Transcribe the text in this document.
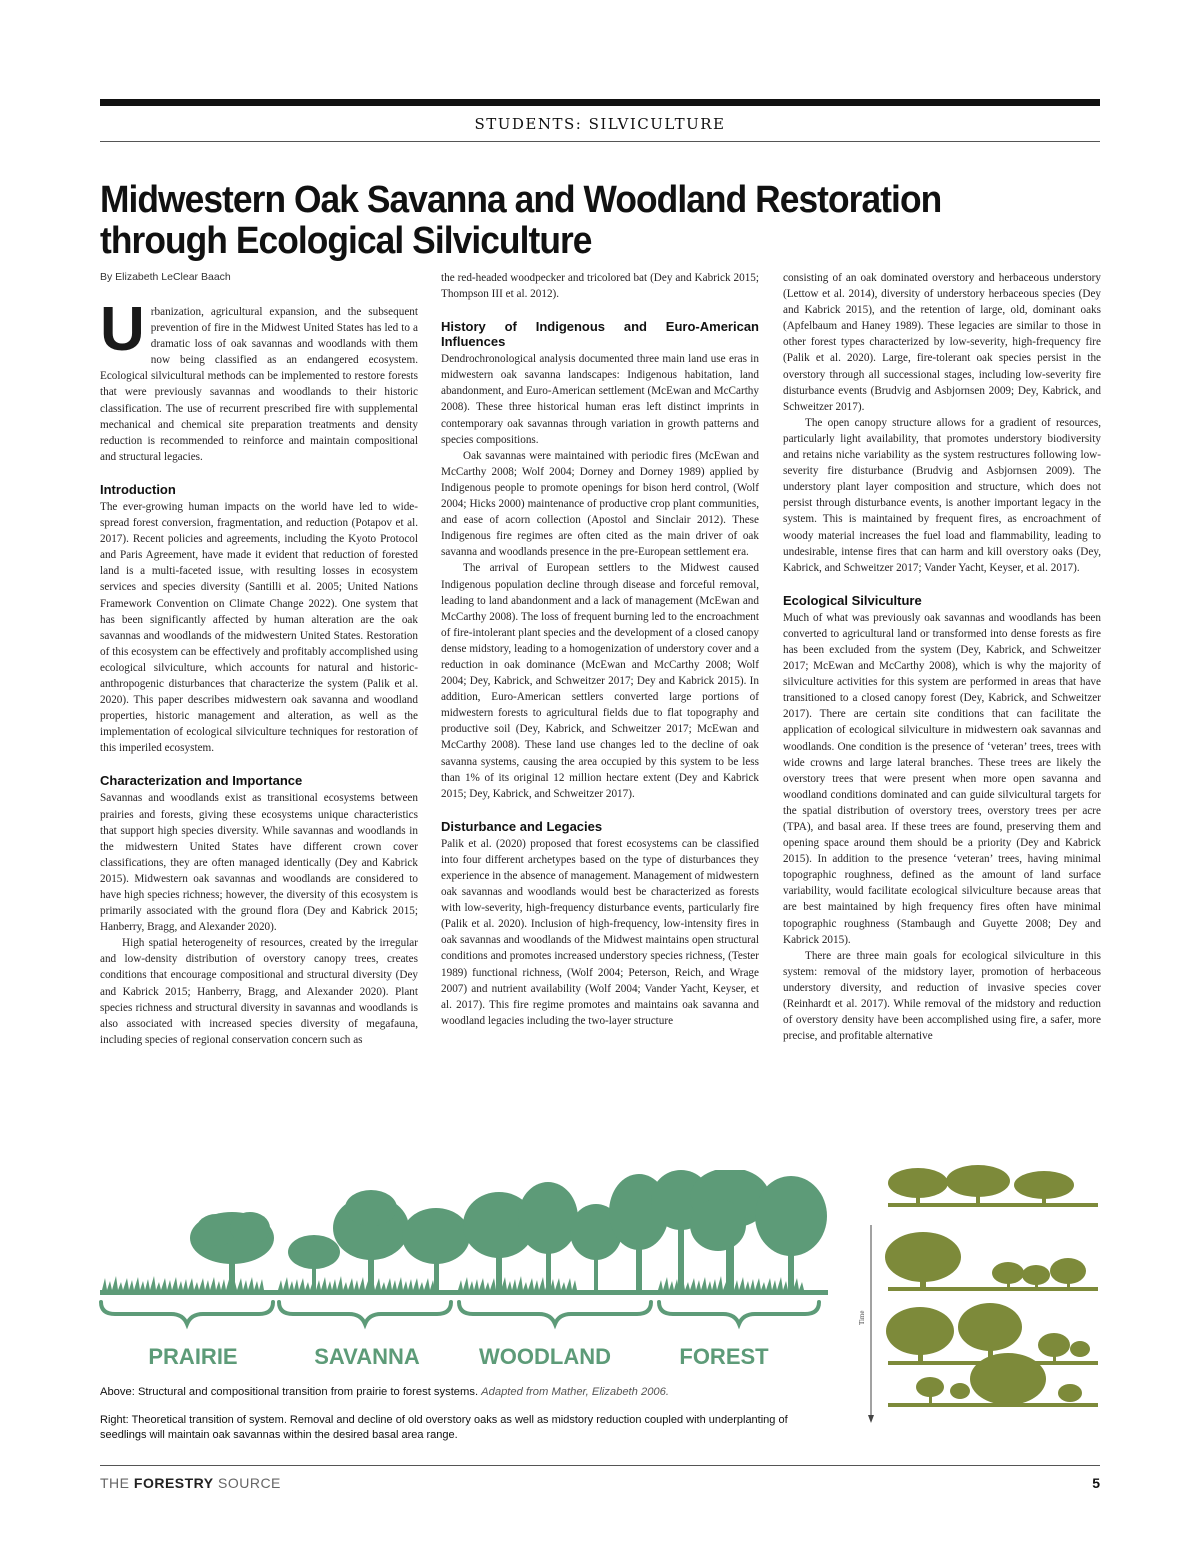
STUDENTS: SILVICULTURE
Midwestern Oak Savanna and Woodland Restoration through Ecological Silviculture
By Elizabeth LeClear Baach

Urbanization, agricultural expansion, and the subsequent prevention of fire in the Midwest United States has led to a dramatic loss of oak savannas and woodlands with them now being classified as an endangered ecosystem. Ecological silvicultural methods can be implemented to restore forests that were previously savannas and woodlands to their historic classification. The use of recurrent prescribed fire with supplemental mechanical and chemical site preparation treatments and density reduction is recommended to reinforce and maintain compositional and structural legacies.

Introduction

The ever-growing human impacts on the world have led to wide-spread forest conversion, fragmentation, and reduction (Potapov et al. 2017). Recent policies and agreements, including the Kyoto Protocol and Paris Agreement, have made it evident that reduction of forested land is a multi-faceted issue, with resulting losses in ecosystem services and species diversity (Santilli et al. 2005; United Nations Framework Convention on Climate Change 2022). One system that has been significantly affected by human alteration are the oak savannas and woodlands of the midwestern United States. Restoration of this ecosystem can be effectively and profitably accomplished using ecological silviculture, which accounts for natural and historic-anthropogenic disturbances that characterize the system (Palik et al. 2020). This paper describes midwestern oak savanna and woodland properties, historic management and alteration, as well as the implementation of ecological silviculture techniques for restoration of this imperiled ecosystem.

Characterization and Importance

Savannas and woodlands exist as transitional ecosystems between prairies and forests, giving these ecosystems unique characteristics that support high species diversity. While savannas and woodlands in the midwestern United States have different crown cover classifications, they are often managed identically (Dey and Kabrick 2015). Midwestern oak savannas and woodlands are considered to have high species richness; however, the diversity of this ecosystem is primarily associated with the ground flora (Dey and Kabrick 2015; Hanberry, Bragg, and Alexander 2020).

High spatial heterogeneity of resources, created by the irregular and low-density distribution of overstory canopy trees, creates conditions that encourage compositional and structural diversity (Dey and Kabrick 2015; Hanberry, Bragg, and Alexander 2020). Plant species richness and structural diversity in savannas and woodlands is also associated with increased species diversity of megafauna, including species of regional conservation concern such as

the red-headed woodpecker and tricolored bat (Dey and Kabrick 2015; Thompson III et al. 2012).

History of Indigenous and Euro-American Influences

Dendrochronological analysis documented three main land use eras in midwestern oak savanna landscapes: Indigenous habitation, land abandonment, and Euro-American settlement (McEwan and McCarthy 2008). These three historical human eras left distinct imprints in contemporary oak savannas through variation in growth patterns and species compositions.

Oak savannas were maintained with periodic fires (McEwan and McCarthy 2008; Wolf 2004; Dorney and Dorney 1989) applied by Indigenous people to promote openings for bison herd control, (Wolf 2004; Hicks 2000) maintenance of productive crop plant communities, and ease of acorn collection (Apostol and Sinclair 2012). These Indigenous fire regimes are often cited as the main driver of oak savanna and woodlands presence in the pre-European settlement era.

The arrival of European settlers to the Midwest caused Indigenous population decline through disease and forceful removal, leading to land abandonment and a lack of management (McEwan and McCarthy 2008). The loss of frequent burning led to the encroachment of fire-intolerant plant species and the development of a closed canopy dense midstory, leading to a homogenization of understory cover and a reduction in oak dominance (McEwan and McCarthy 2008; Wolf 2004; Dey, Kabrick, and Schweitzer 2017; Dey and Kabrick 2015). In addition, Euro-American settlers converted large portions of midwestern forests to agricultural fields due to flat topography and productive soil (Dey, Kabrick, and Schweitzer 2017; McEwan and McCarthy 2008). These land use changes led to the decline of oak savanna systems, causing the area occupied by this system to be less than 1% of its original 12 million hectare extent (Dey and Kabrick 2015; Dey, Kabrick, and Schweitzer 2017).

Disturbance and Legacies

Palik et al. (2020) proposed that forest ecosystems can be classified into four different archetypes based on the type of disturbances they experience in the absence of management. Management of midwestern oak savannas and woodlands would best be characterized as forests with low-severity, high-frequency disturbance events, particularly fire (Palik et al. 2020). Inclusion of high-frequency, low-intensity fires in oak savannas and woodlands of the Midwest maintains open structural conditions and promotes increased understory species richness, (Tester 1989) functional richness, (Wolf 2004; Peterson, Reich, and Wrage 2007) and nutrient availability (Wolf 2004; Vander Yacht, Keyser, et al. 2017). This fire regime promotes and maintains oak savanna and woodland legacies including the two-layer structure

consisting of an oak dominated overstory and herbaceous understory (Lettow et al. 2014), diversity of understory herbaceous species (Dey and Kabrick 2015), and the retention of large, old, dominant oaks (Apfelbaum and Haney 1989). These legacies are similar to those in other forest types characterized by low-severity, high-frequency fire (Palik et al. 2020). Large, fire-tolerant oak species persist in the overstory through all successional stages, including low-severity fire disturbance events (Brudvig and Asbjornsen 2009; Dey, Kabrick, and Schweitzer 2017).

The open canopy structure allows for a gradient of resources, particularly light availability, that promotes understory biodiversity and retains niche variability as the system restructures following low-severity fire disturbance (Brudvig and Asbjornsen 2009). The understory plant layer composition and structure, which does not persist through disturbance events, is another important legacy in the system. This is maintained by frequent fires, as encroachment of woody material increases the fuel load and flammability, leading to undesirable, intense fires that can harm and kill overstory oaks (Dey, Kabrick, and Schweitzer 2017; Vander Yacht, Keyser, et al. 2017).

Ecological Silviculture

Much of what was previously oak savannas and woodlands has been converted to agricultural land or transformed into dense forests as fire has been excluded from the system (Dey, Kabrick, and Schweitzer 2017; McEwan and McCarthy 2008), which is why the majority of silviculture activities for this system are performed in areas that have transitioned to a closed canopy forest (Dey, Kabrick, and Schweitzer 2017). There are certain site conditions that can facilitate the application of ecological silviculture in midwestern oak savannas and woodlands. One condition is the presence of ‘veteran’ trees, trees with wide crowns and large lateral branches. These trees are likely the overstory trees that were present when more open savanna and woodland conditions dominated and can guide silvicultural targets for the spatial distribution of overstory trees, overstory trees per acre (TPA), and basal area. If these trees are found, preserving them and opening space around them should be a priority (Dey and Kabrick 2015). In addition to the presence ‘veteran’ trees, having minimal topographic roughness, defined as the amount of land surface variability, would facilitate ecological silviculture because areas that are best maintained by high frequency fires often have minimal topographic roughness (Stambaugh and Guyette 2008; Dey and Kabrick 2015).

There are three main goals for ecological silviculture in this system: removal of the midstory layer, promotion of herbaceous understory diversity, and reduction of invasive species cover (Reinhardt et al. 2017). While removal of the midstory and reduction of overstory density have been accomplished using fire, a safer, more precise, and profitable alternative

PRAIRIE	SAVANNA	WOODLAND	FOREST
Time
Above: Structural and compositional transition from prairie to forest systems. Adapted from Mather, Elizabeth 2006.
Right: Theoretical transition of system. Removal and decline of old overstory oaks as well as midstory reduction coupled with underplanting of seedlings will maintain oak savannas within the desired basal area range.
THE FORESTRY SOURCE	5
